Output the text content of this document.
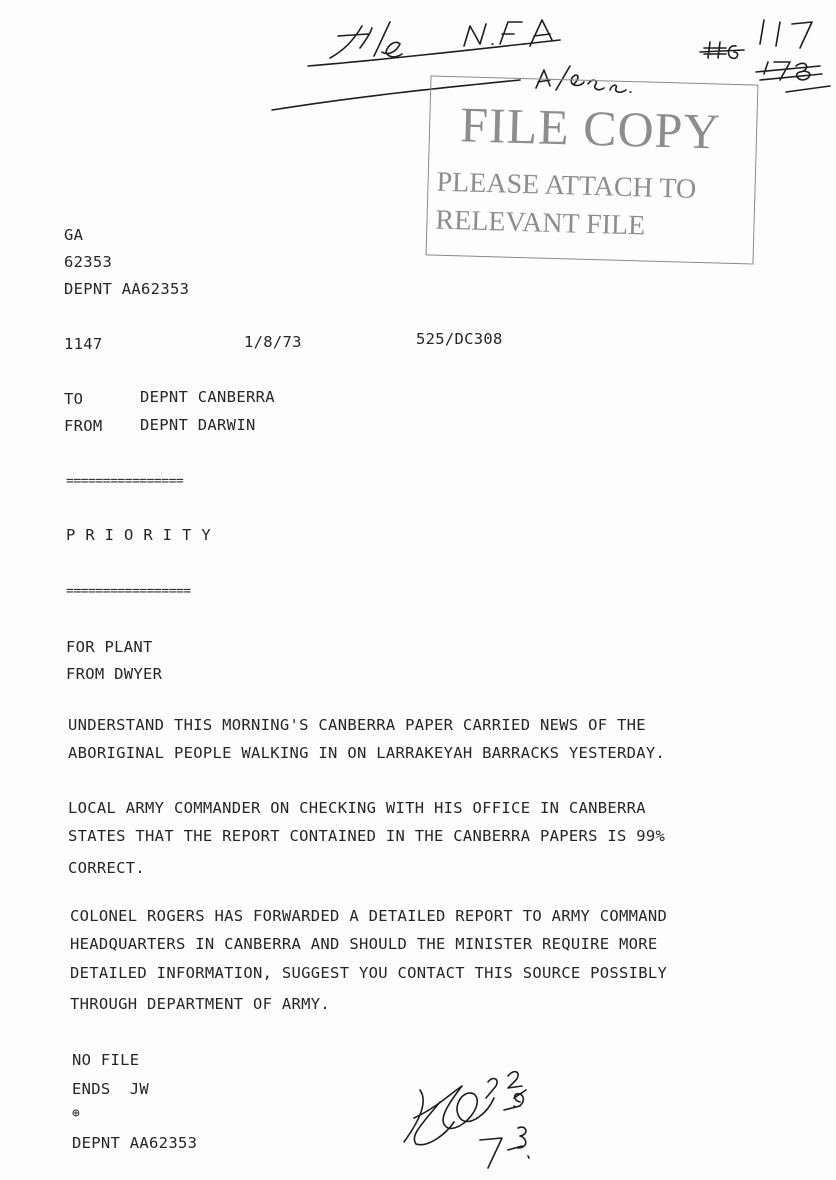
FILE COPY
PLEASE ATTACH TO
RELEVANT FILE
GA
62353
DEPNT AA62353
1147	1/8/73	525/DC308
TO	DEPNT CANBERRA
FROM DEPNT DARWIN
================
PRIORITY
=================
FOR PLANT
FROM DWYER
UNDERSTAND THIS MORNING'S CANBERRA PAPER CARRIED NEWS OF THE
ABORIGINAL PEOPLE WALKING IN ON LARRAKEYAH BARRACKS YESTERDAY.
LOCAL ARMY COMMANDER ON CHECKING WITH HIS OFFICE IN CANBERRA
STATES THAT THE REPORT CONTAINED IN THE CANBERRA PAPERS IS 99%
CORRECT.
COLONEL ROGERS HAS FORWARDED A DETAILED REPORT TO ARMY COMMAND
HEADQUARTERS IN CANBERRA AND SHOULD THE MINISTER REQUIRE MORE
DETAILED INFORMATION, SUGGEST YOU CONTACT THIS SOURCE POSSIBLY
THROUGH DEPARTMENT OF ARMY.
NO FILE
ENDS  JW
⊕
DEPNT AA62353
